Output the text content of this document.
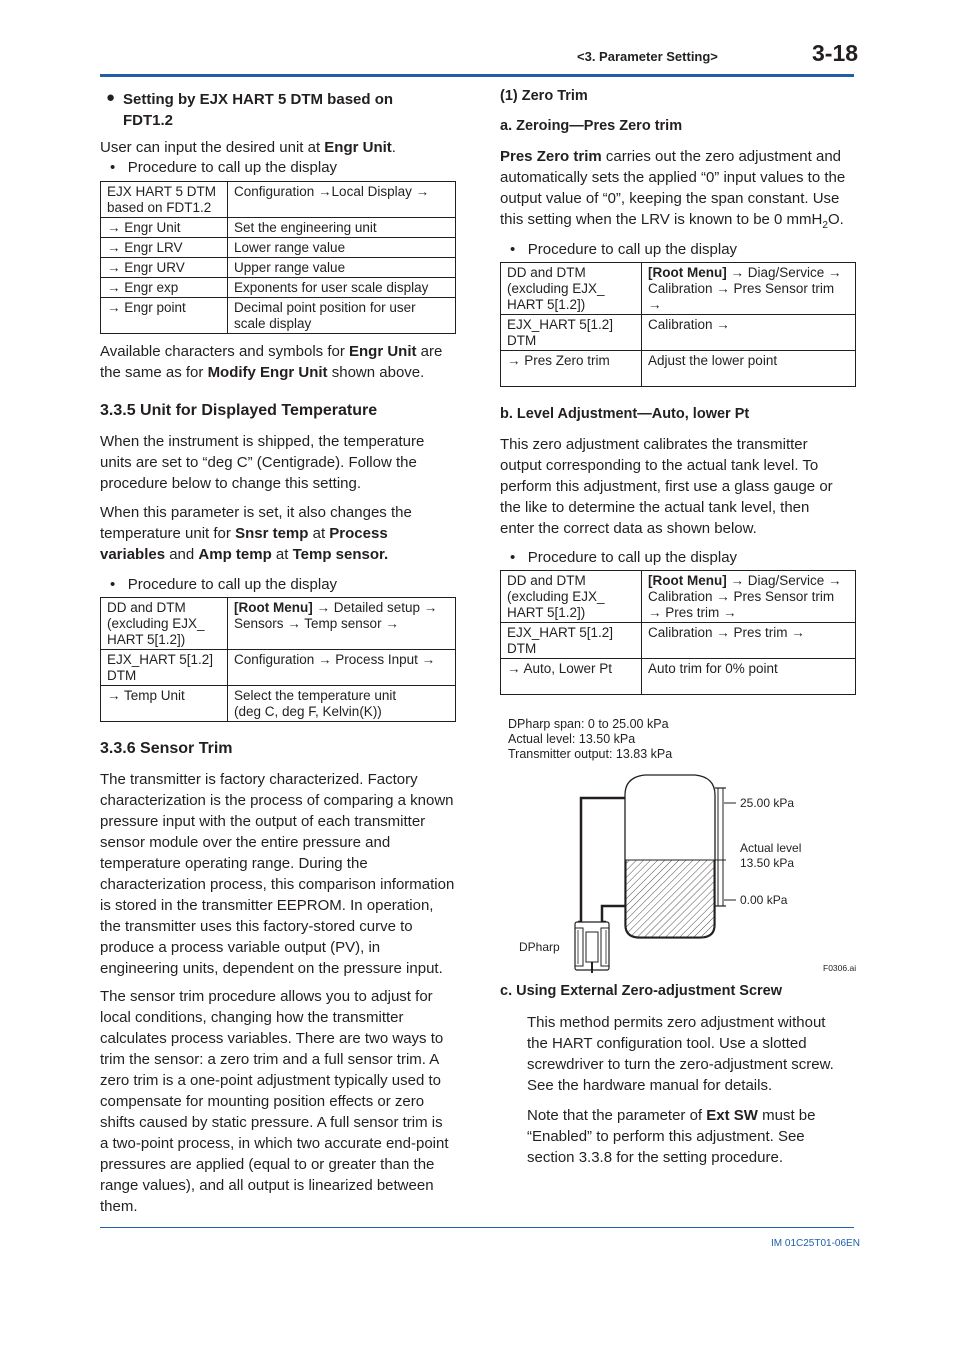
<3. Parameter Setting>	3-18
● Setting by EJX HART 5 DTM based on
FDT1.2
User can input the desired unit at Engr Unit.
•   Procedure to call up the display
EJX HART 5 DTM based on FDT1.2	Configuration →Local Display →
→ Engr Unit	Set the engineering unit
→ Engr LRV	Lower range value
→ Engr URV	Upper range value
→ Engr exp	Exponents for user scale display
→ Engr point	Decimal point position for user scale display
Available characters and symbols for Engr Unit are the same as for Modify Engr Unit shown above.
3.3.5 Unit for Displayed Temperature
When the instrument is shipped, the temperature units are set to “deg C” (Centigrade). Follow the procedure below to change this setting.
When this parameter is set, it also changes the temperature unit for Snsr temp at Process variables and Amp temp at Temp sensor.
•   Procedure to call up the display
DD and DTM (excluding EJX_ HART 5[1.2])	[Root Menu] → Detailed setup → Sensors → Temp sensor →
EJX_HART 5[1.2] DTM	Configuration → Process Input →
→ Temp Unit	Select the temperature unit
(deg C, deg F, Kelvin(K))
3.3.6 Sensor Trim
The transmitter is factory characterized. Factory characterization is the process of comparing a known pressure input with the output of each transmitter sensor module over the entire pressure and temperature operating range. During the characterization process, this comparison information is stored in the transmitter EEPROM. In operation, the transmitter uses this factory-stored curve to produce a process variable output (PV), in engineering units, dependent on the pressure input.
The sensor trim procedure allows you to adjust for local conditions, changing how the transmitter calculates process variables. There are two ways to trim the sensor: a zero trim and a full sensor trim. A zero trim is a one-point adjustment typically used to compensate for mounting position effects or zero shifts caused by static pressure. A full sensor trim is a two-point process, in which two accurate end-point pressures are applied (equal to or greater than the range values), and all output is linearized between them.
(1) Zero Trim
a. Zeroing—Pres Zero trim
Pres Zero trim carries out the zero adjustment and automatically sets the applied “0” input values to the output value of “0”, keeping the span constant. Use this setting when the LRV is known to be 0 mmH$_2$O.
•   Procedure to call up the display
DD and DTM (excluding EJX_ HART 5[1.2])	[Root Menu] → Diag/Service → Calibration → Pres Sensor trim →
EJX_HART 5[1.2] DTM	Calibration →
→ Pres Zero trim	Adjust the lower point
b. Level Adjustment—Auto, lower Pt
This zero adjustment calibrates the transmitter output corresponding to the actual tank level. To perform this adjustment, first use a glass gauge or the like to determine the actual tank level, then enter the correct data as shown below.
•   Procedure to call up the display
DD and DTM (excluding EJX_ HART 5[1.2])	[Root Menu] → Diag/Service → Calibration → Pres Sensor trim → Pres trim →
EJX_HART 5[1.2] DTM	Calibration → Pres trim →
→ Auto, Lower Pt	Auto trim for 0% point
DPharp span: 0 to 25.00 kPa
Actual level: 13.50 kPa
Transmitter output: 13.83 kPa
25.00 kPa
Actual level
13.50 kPa
0.00 kPa
DPharp
F0306.ai
c. Using External Zero-adjustment Screw
This method permits zero adjustment without the HART configuration tool. Use a slotted screwdriver to turn the zero-adjustment screw. See the hardware manual for details.
Note that the parameter of Ext SW must be “Enabled” to perform this adjustment. See section 3.3.8 for the setting procedure.
IM 01C25T01-06EN
